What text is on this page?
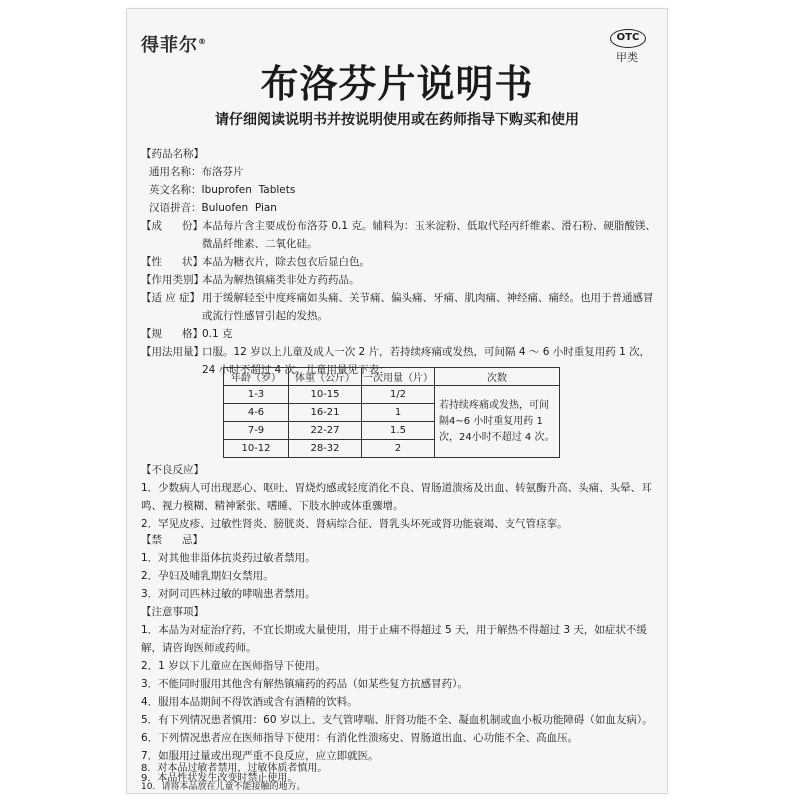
得菲尔®	OTC
甲类
布洛芬片说明书
请仔细阅读说明书并按说明使用或在药师指导下购买和使用
【药品名称】
通用名称：布洛芬片
英文名称：Ibuprofen  Tablets
汉语拼音：Buluofen  Pian
【成      份】
本品每片含主要成份布洛芬 0.1 克。辅料为：玉米淀粉、低取代羟丙纤维素、滑石粉、硬脂酸镁、微晶纤维素、二氧化硅。
【性      状】
本品为糖衣片，除去包衣后显白色。
【作用类别】
本品为解热镇痛类非处方药药品。
【适 应 症】 用于缓解轻至中度疼痛如头痛、关节痛、偏头痛、牙痛、肌肉痛、神经痛、痛经。也用于普通感冒或流行性感冒引起的发热。
【规      格】
0.1 克
【用法用量】
口服。12 岁以上儿童及成人一次 2 片，若持续疼痛或发热，可间隔 4 ～ 6 小时重复用药 1 次，24 小时不超过 4 次。儿童用量见下表：
年龄（岁）	体重（公斤）	一次用量（片）	次数
1-3	10-15	1/2	若持续疼痛或发热，可间隔4~6 小时重复用药 1 次，24小时不超过 4 次。
4-6	16-21	1	
7-9	22-27	1.5	
10-12	28-32	2	
【不良反应】
1．少数病人可出现恶心、呕吐、胃烧灼感或轻度消化不良、胃肠道溃疡及出血、转氨酶升高、头痛、头晕、耳鸣、视力模糊、精神紧张、嗜睡、下肢水肿或体重骤增。
2．罕见皮疹、过敏性肾炎、膀胱炎、肾病综合征、肾乳头坏死或肾功能衰竭、支气管痉挛。
【禁      忌】
1．对其他非甾体抗炎药过敏者禁用。
2．孕妇及哺乳期妇女禁用。
3．对阿司匹林过敏的哮喘患者禁用。
【注意事项】
1．本品为对症治疗药，不宜长期或大量使用，用于止痛不得超过 5 天，用于解热不得超过 3 天，如症状不缓解，请咨询医师或药师。
2．1 岁以下儿童应在医师指导下使用。
3．不能同时服用其他含有解热镇痛药的药品（如某些复方抗感冒药）。
4．服用本品期间不得饮酒或含有酒精的饮料。
5．有下列情况患者慎用：60 岁以上、支气管哮喘、肝肾功能不全、凝血机制或血小板功能障碍（如血友病）。
6．下列情况患者应在医师指导下使用：有消化性溃疡史、胃肠道出血、心功能不全、高血压。
7．如服用过量或出现严重不良反应，应立即就医。
8．对本品过敏者禁用，过敏体质者慎用。
9．本品性状发生改变时禁止使用。
10．请将本品放在儿童不能接触的地方。
